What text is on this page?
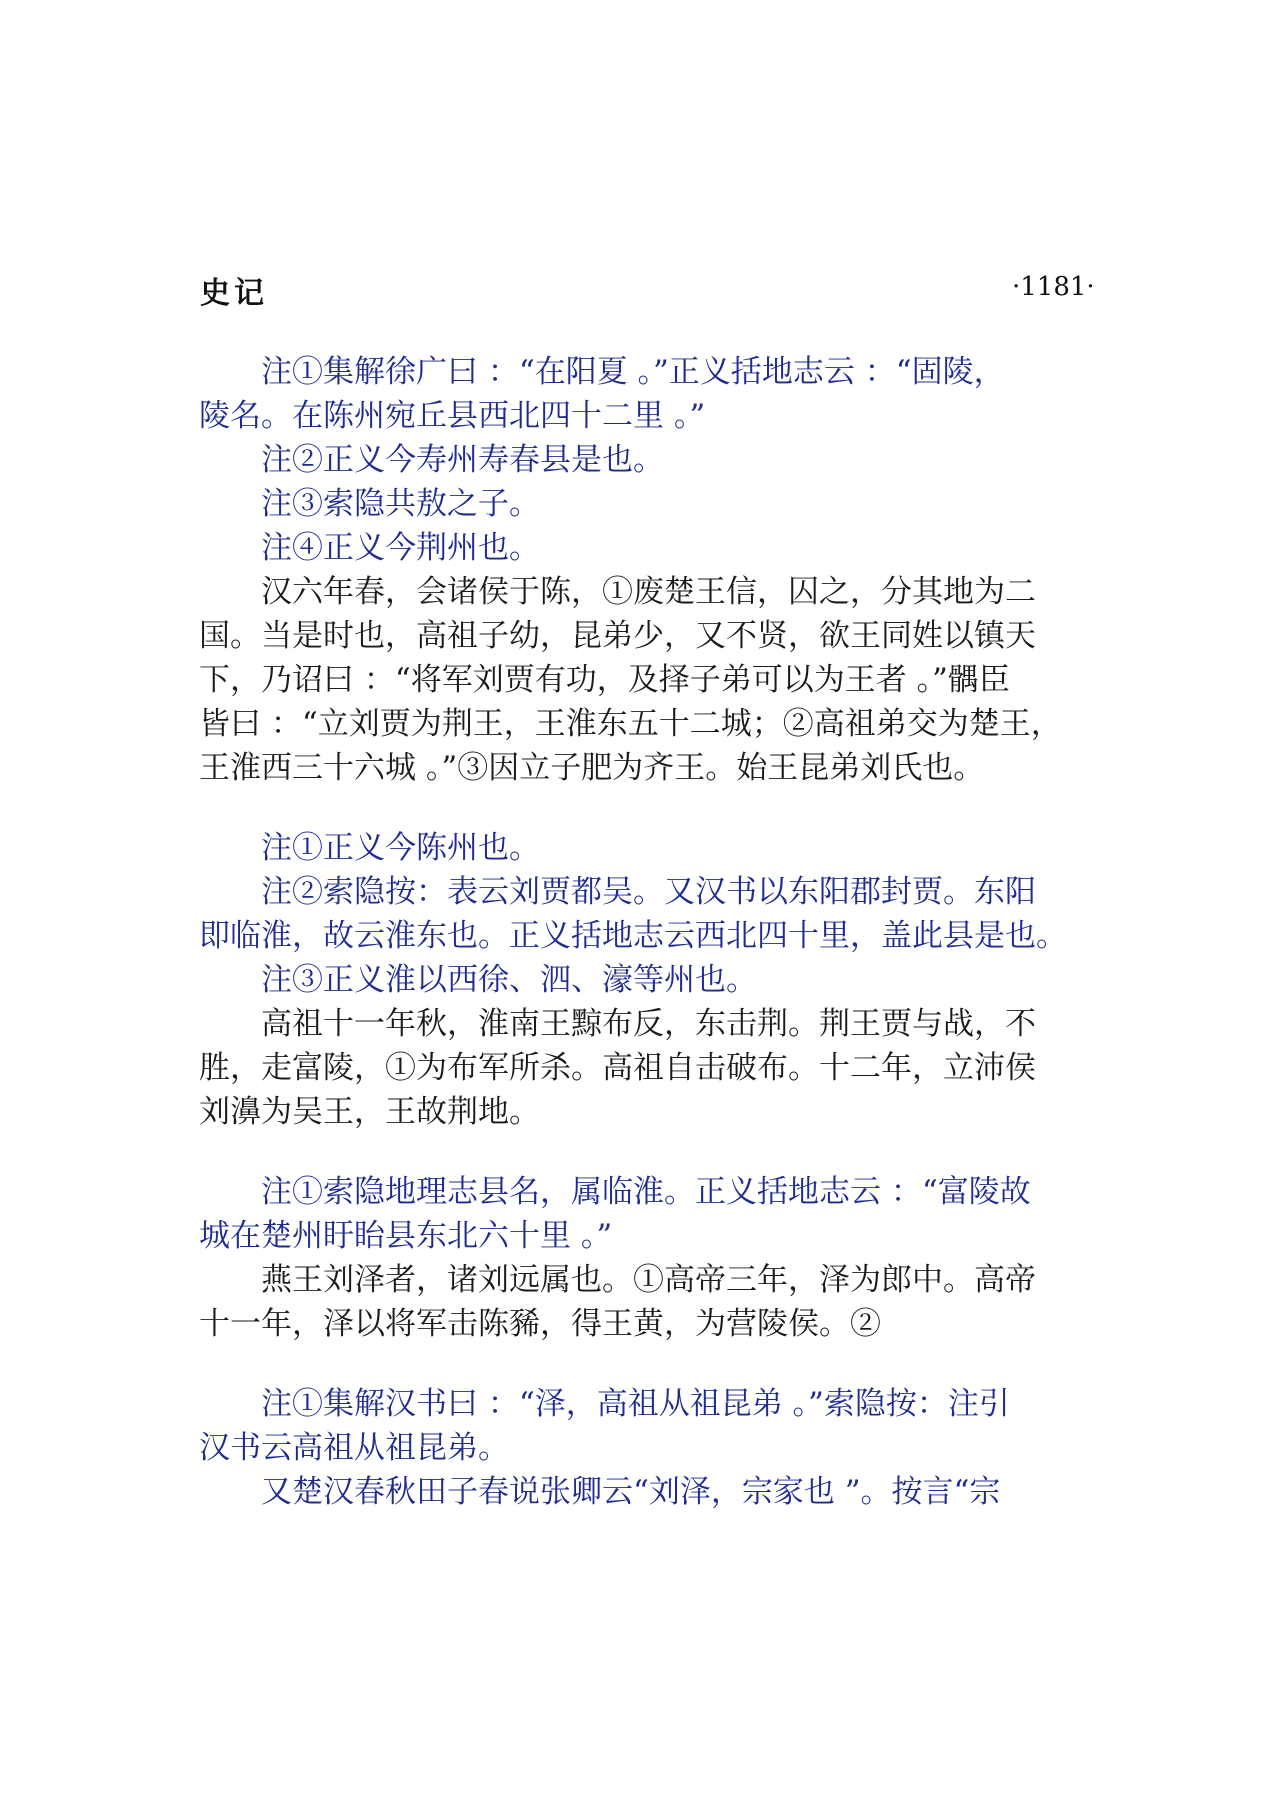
史记	·1181·
　　注①集解徐广曰 ：“在阳夏 。”正义括地志云 ：“固陵，
陵名。在陈州宛丘县西北四十二里 。”
　　注②正义今寿州寿春县是也。
　　注③索隐共敖之子。
　　注④正义今荆州也。
　　汉六年春，会诸侯于陈，①废楚王信，囚之，分其地为二
国。当是时也，高祖子幼，昆弟少，又不贤，欲王同姓以镇天
下，乃诏曰 ：“将军刘贾有功，及择子弟可以为王者 。”髃臣
皆曰 ：“立刘贾为荆王，王淮东五十二城；②高祖弟交为楚王，
王淮西三十六城 。”③因立子肥为齐王。始王昆弟刘氏也。
　　注①正义今陈州也。
　　注②索隐按：表云刘贾都吴。又汉书以东阳郡封贾。东阳
即临淮，故云淮东也。正义括地志云西北四十里，盖此县是也。
　　注③正义淮以西徐、泗、濠等州也。
　　高祖十一年秋，淮南王黥布反，东击荆。荆王贾与战，不
胜，走富陵，①为布军所杀。高祖自击破布。十二年，立沛侯
刘濞为吴王，王故荆地。
　　注①索隐地理志县名，属临淮。正义括地志云 ：“富陵故
城在楚州盱眙县东北六十里 。”
　　燕王刘泽者，诸刘远属也。①高帝三年，泽为郎中。高帝
十一年，泽以将军击陈豨，得王黄，为营陵侯。②
　　注①集解汉书曰 ：“泽，高祖从祖昆弟 。”索隐按：注引
汉书云高祖从祖昆弟。
　　又楚汉春秋田子春说张卿云“刘泽，宗家也 ”。按言“宗
